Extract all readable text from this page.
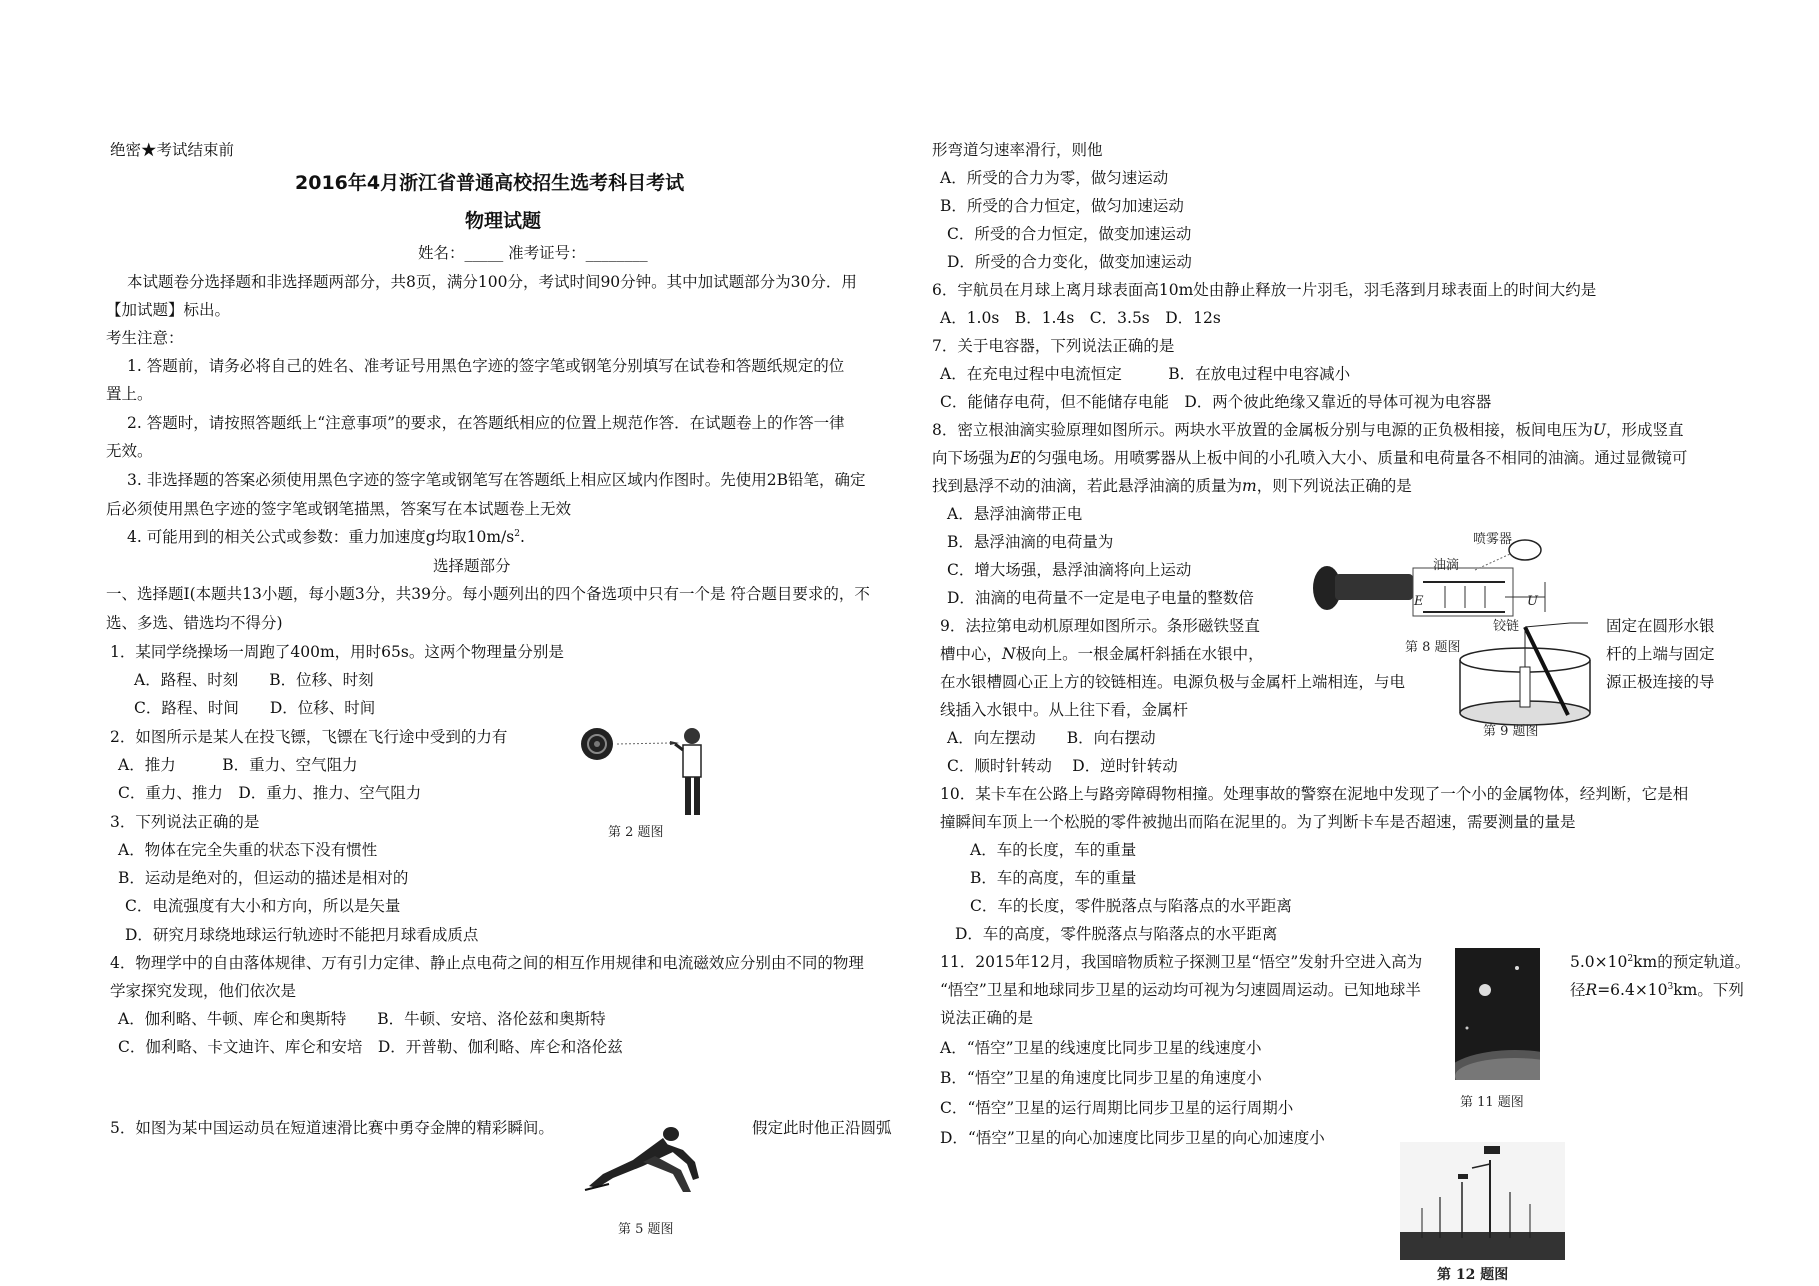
绝密★考试结束前
2016年4月浙江省普通高校招生选考科目考试
物理试题
姓名：_____ 准考证号：________
本试题卷分选择题和非选择题两部分，共8页，满分100分，考试时间90分钟。其中加试题部分为30分．用
【加试题】标出。
考生注意：
1. 答题前，请务必将自己的姓名、准考证号用黑色字迹的签字笔或钢笔分别填写在试卷和答题纸规定的位
置上。
2. 答题时，请按照答题纸上“注意事项”的要求，在答题纸相应的位置上规范作答．在试题卷上的作答一律
无效。
3. 非选择题的答案必须使用黑色字迹的签字笔或钢笔写在答题纸上相应区域内作图时。先使用2B铅笔，确定
后必须使用黑色字迹的签字笔或钢笔描黑，答案写在本试题卷上无效
4. 可能用到的相关公式或参数：重力加速度g均取$10m/s^2$.
选择题部分
一、选择题Ⅰ(本题共13小题，每小题3分，共39分。每小题列出的四个备选项中只有一个是 符合题目要求的，不
选、多选、错选均不得分)
1．某同学绕操场一周跑了400m，用时65s。这两个物理量分别是
A．路程、时刻　　B．位移、时刻
C．路程、时间　　D．位移、时间
2．如图所示是某人在投飞镖，飞镖在飞行途中受到的力有
A．推力　　　B．重力、空气阻力
C．重力、推力　D．重力、推力、空气阻力
第 2 题图
3．下列说法正确的是
A．物体在完全失重的状态下没有惯性
B．运动是绝对的，但运动的描述是相对的
C．电流强度有大小和方向，所以是矢量
D．研究月球绕地球运行轨迹时不能把月球看成质点
4．物理学中的自由落体规律、万有引力定律、静止点电荷之间的相互作用规律和电流磁效应分别由不同的物理
学家探究发现，他们依次是
A．伽利略、牛顿、库仑和奥斯特　　B．牛顿、安培、洛伦兹和奥斯特
C．伽利略、卡文迪许、库仑和安培　D．开普勒、伽利略、库仑和洛伦兹
5．如图为某中国运动员在短道速滑比赛中勇夺金牌的精彩瞬间。	假定此时他正沿圆弧
第 5 题图
形弯道匀速率滑行，则他
A．所受的合力为零，做匀速运动
B．所受的合力恒定，做匀加速运动
C．所受的合力恒定，做变加速运动
D．所受的合力变化，做变加速运动
6．宇航员在月球上离月球表面高10m处由静止释放一片羽毛，羽毛落到月球表面上的时间大约是
A．1.0s　B．1.4s　C．3.5s　D．12s
7．关于电容器，下列说法正确的是
A．在充电过程中电流恒定　　　B．在放电过程中电容减小
C．能储存电荷，但不能储存电能　D．两个彼此绝缘又靠近的导体可视为电容器
8．密立根油滴实验原理如图所示。两块水平放置的金属板分别与电源的正负极相接，板间电压为U，形成竖直
向下场强为E的匀强电场。用喷雾器从上板中间的小孔喷入大小、质量和电荷量各不相同的油滴。通过显微镜可
找到悬浮不动的油滴，若此悬浮油滴的质量为m，则下列说法正确的是
A．悬浮油滴带正电
B．悬浮油滴的电荷量为
C．增大场强，悬浮油滴将向上运动
D．油滴的电荷量不一定是电子电量的整数倍
喷雾器
油滴
E	U
第 8 题图
9．法拉第电动机原理如图所示。条形磁铁竖直	固定在圆形水银
槽中心，N极向上。一根金属杆斜插在水银中，	杆的上端与固定
在水银槽圆心正上方的铰链相连。电源负极与金属杆上端相连，与电	源正极连接的导
线插入水银中。从上往下看，金属杆
A．向左摆动　　B．向右摆动
C．顺时针转动　 D．逆时针转动
铰链
第 9 题图
10．某卡车在公路上与路旁障碍物相撞。处理事故的警察在泥地中发现了一个小的金属物体，经判断，它是相
撞瞬间车顶上一个松脱的零件被抛出而陷在泥里的。为了判断卡车是否超速，需要测量的量是
A．车的长度，车的重量
B．车的高度，车的重量
C．车的长度，零件脱落点与陷落点的水平距离
D．车的高度，零件脱落点与陷落点的水平距离
11．2015年12月，我国暗物质粒子探测卫星“悟空”发射升空进入高为	$5.0\times 10^2km$的预定轨道。
“悟空”卫星和地球同步卫星的运动均可视为匀速圆周运动。已知地球半	径$R=6.4\times 10^3km$。下列
说法正确的是
A．“悟空”卫星的线速度比同步卫星的线速度小
B．“悟空”卫星的角速度比同步卫星的角速度小
C．“悟空”卫星的运行周期比同步卫星的运行周期小
D．“悟空”卫星的向心加速度比同步卫星的向心加速度小
第 11 题图
第 12 题图
